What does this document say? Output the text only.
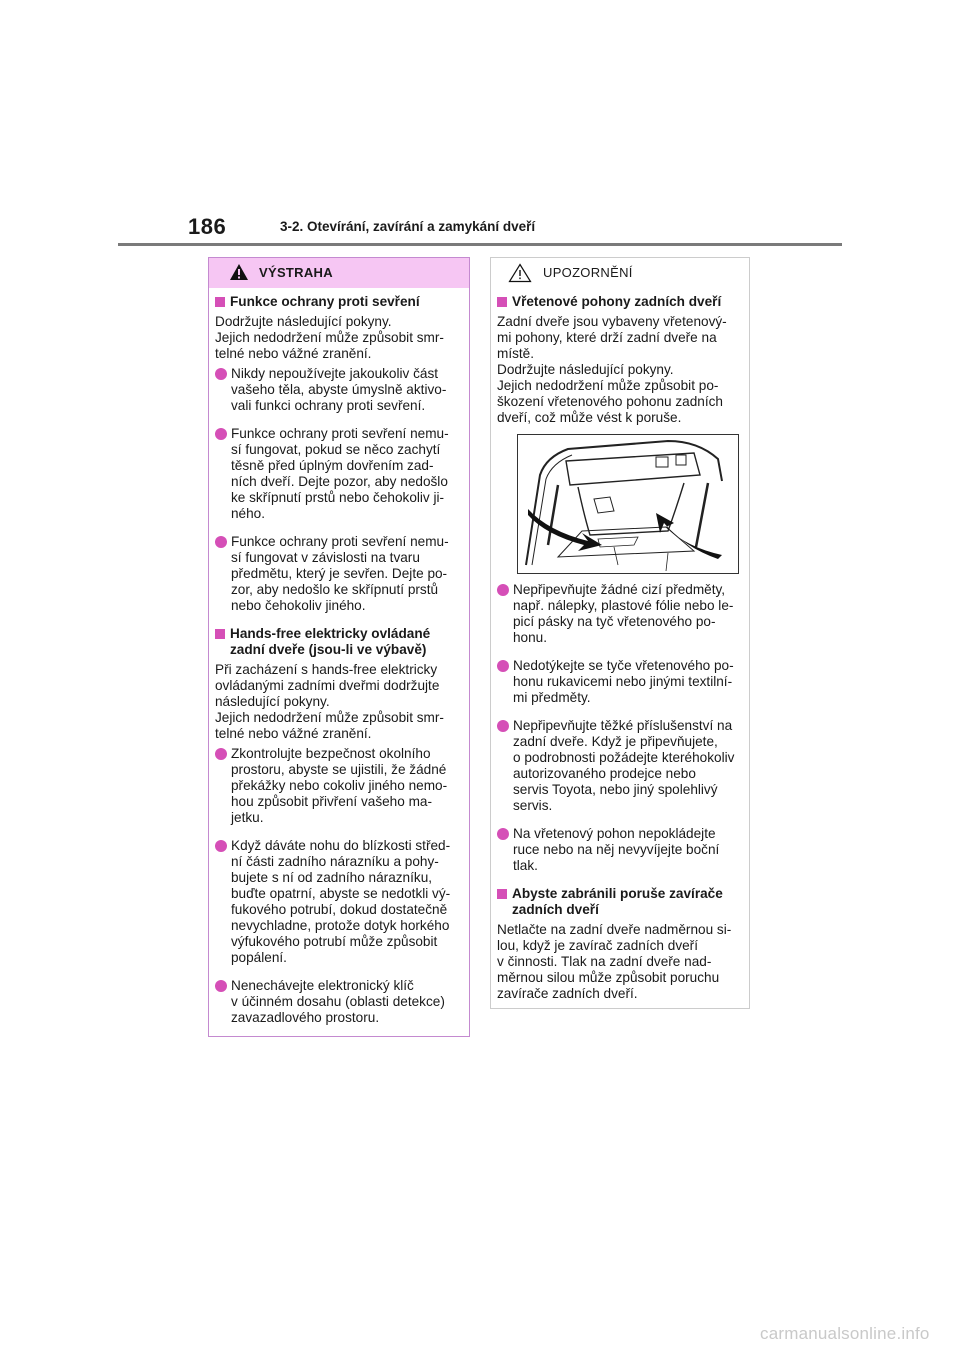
186	3-2. Otevírání, zavírání a zamykání dveří
VÝSTRAHA
Funkce ochrany proti sevření

Dodržujte následující pokyny.
Jejich nedodržení může způsobit smr-
telné nebo vážné zranění.

Nikdy nepoužívejte jakoukoliv část
vašeho těla, abyste úmyslně aktivo-
vali funkci ochrany proti sevření.
Funkce ochrany proti sevření nemu-
sí fungovat, pokud se něco zachytí
těsně před úplným dovřením zad-
ních dveří. Dejte pozor, aby nedošlo
ke skřípnutí prstů nebo čehokoliv ji-
ného.
Funkce ochrany proti sevření nemu-
sí fungovat v závislosti na tvaru
předmětu, který je sevřen. Dejte po-
zor, aby nedošlo ke skřípnutí prstů
nebo čehokoliv jiného.
Hands-free elektricky ovládané
zadní dveře (jsou-li ve výbavě)

Při zacházení s hands-free elektricky
ovládanými zadními dveřmi dodržujte
následující pokyny.
Jejich nedodržení může způsobit smr-
telné nebo vážné zranění.

Zkontrolujte bezpečnost okolního
prostoru, abyste se ujistili, že žádné
překážky nebo cokoliv jiného nemo-
hou způsobit přivření vašeho ma-
jetku.
Když dáváte nohu do blízkosti střed-
ní části zadního nárazníku a pohy-
bujete s ní od zadního nárazníku,
buďte opatrní, abyste se nedotkli vý-
fukového potrubí, dokud dostatečně
nevychladne, protože dotyk horkého
výfukového potrubí může způsobit
popálení.
Nenechávejte elektronický klíč
v účinném dosahu (oblasti detekce)
zavazadlového prostoru.
UPOZORNĚNÍ
Vřetenové pohony zadních dveří

Zadní dveře jsou vybaveny vřetenový-
mi pohony, které drží zadní dveře na
místě.
Dodržujte následující pokyny.
Jejich nedodržení může způsobit po-
škození vřetenového pohonu zadních
dveří, což může vést k poruše.

Nepřipevňujte žádné cizí předměty,
např. nálepky, plastové fólie nebo le-
picí pásky na tyč vřetenového po-
honu.
Nedotýkejte se tyče vřetenového po-
honu rukavicemi nebo jinými textilní-
mi předměty.
Nepřipevňujte těžké příslušenství na
zadní dveře. Když je připevňujete,
o podrobnosti požádejte kteréhokoliv
autorizovaného prodejce nebo
servis Toyota, nebo jiný spolehlivý
servis.
Na vřetenový pohon nepokládejte
ruce nebo na něj nevyvíjejte boční
tlak.
Abyste zabránili poruše zavírače
zadních dveří

Netlačte na zadní dveře nadměrnou si-
lou, když je zavírač zadních dveří
v činnosti. Tlak na zadní dveře nad-
měrnou silou může způsobit poruchu
zavírače zadních dveří.

carmanualsonline.info
